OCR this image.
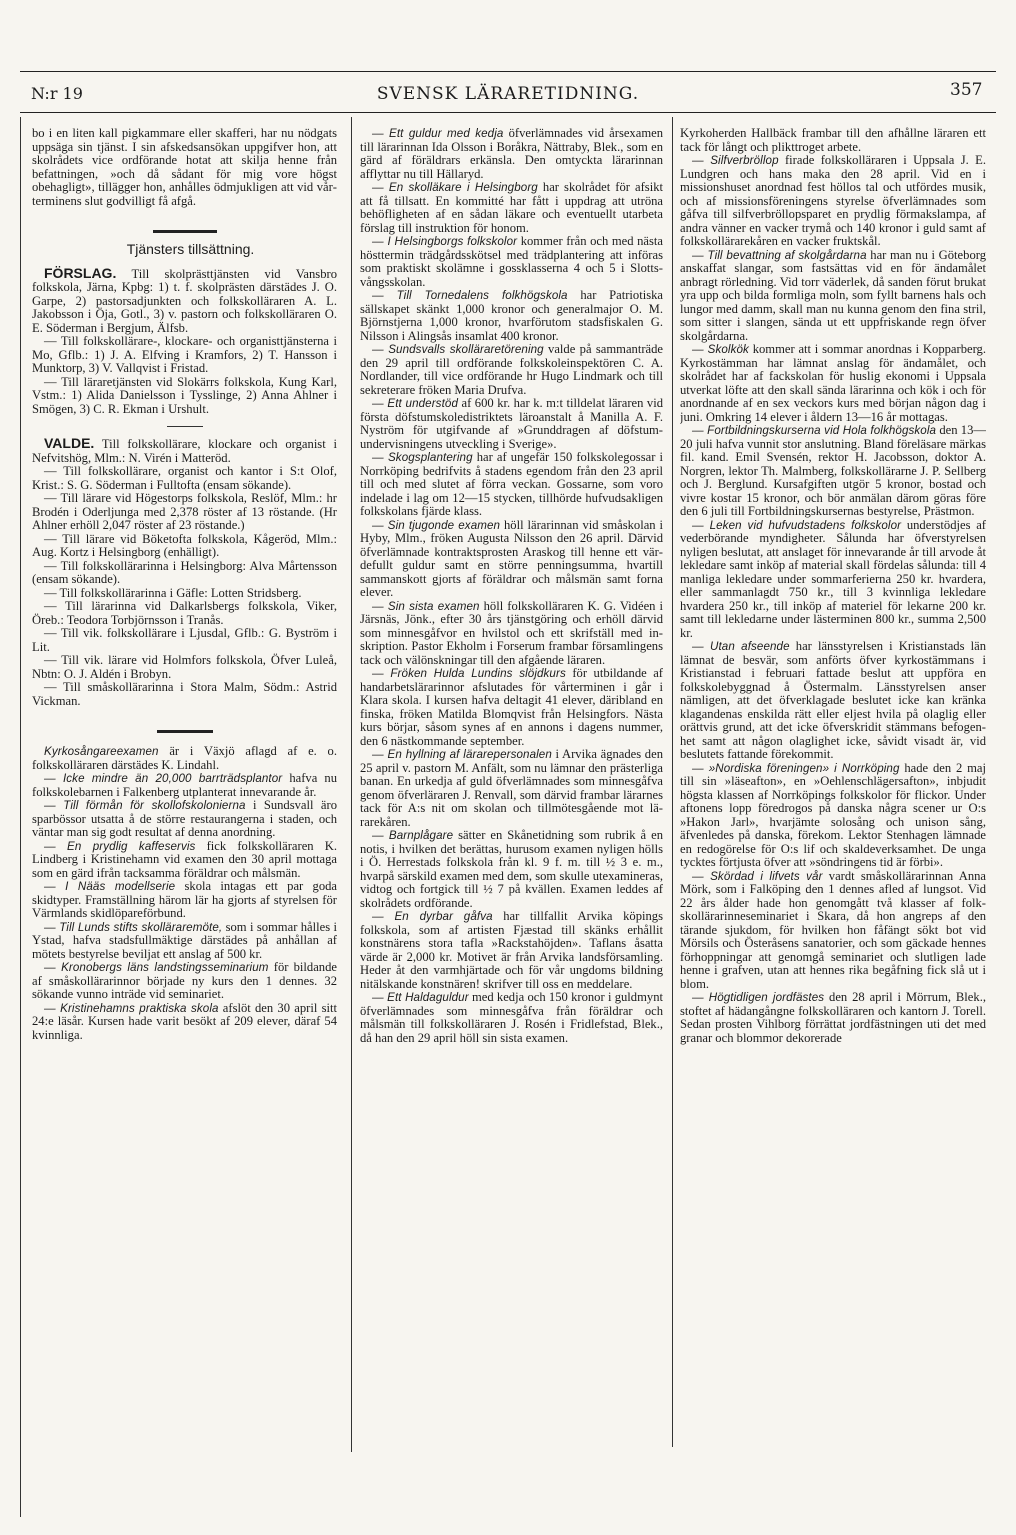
N:r 19	SVENSK LÄRARETIDNING.	357

bo i en liten kall pigkammare eller skafferi, har nu nödgats uppsäga sin tjänst. I sin afskedsansökan uppgifver hon, att skolrådets vice ordförande hotat att skilja henne från befattningen, »och då sådant för mig vore högst obehagligt», tillägger hon, anhålles ödmjukligen att vid vårterminens slut godvilligt få afgå.

Tjänsters tillsättning.

FÖRSLAG. Till skolprästtjänsten vid Vansbro folkskola, Järna, Kpbg: 1) t. f. skolprästen därstädes J. O. Garpe, 2) pastorsadjunkten och folkskolläraren A. L. Jakobsson i Öja, Gotl., 3) v. pastorn och folkskolläraren O. E. Söderman i Bergjum, Älfsb.

— Till folkskollärare-, klockare- och organisttjänsterna i Mo, Gflb.: 1) J. A. Elfving i Kramfors, 2) T. Hansson i Munktorp, 3) V. Vallqvist i Fristad.

— Till läraretjänsten vid Slokärrs folkskola, Kung Karl, Vstm.: 1) Alida Danielsson i Tysslinge, 2) Anna Ahlner i Smögen, 3) C. R. Ekman i Urshult.

VALDE. Till folkskollärare, klockare och organist i Nefvitshög, Mlm.: N. Virén i Matteröd.

— Till folkskollärare, organist och kantor i S:t Olof, Krist.: S. G. Söderman i Fulltofta (ensam sökande).

— Till lärare vid Högestorps folkskola, Reslöf, Mlm.: hr Brodén i Oderljunga med 2,378 röster af 13 röstande. (Hr Ahlner erhöll 2,047 röster af 23 röstande.)

— Till lärare vid Böketofta folkskola, Kågeröd, Mlm.: Aug. Kortz i Helsingborg (enhälligt).

— Till folkskollärarinna i Helsingborg: Alva Mårtensson (ensam sökande).

— Till folkskollärarinna i Gäfle: Lotten Stridsberg.

— Till lärarinna vid Dalkarlsbergs folkskola, Viker, Öreb.: Teodora Torbjörnsson i Tranås.

— Till vik. folkskollärare i Ljusdal, Gflb.: G. Byström i Lit.

— Till vik. lärare vid Holmfors folkskola, Öfver Luleå, Nbtn: O. J. Aldén i Brobyn.

— Till småskollärarinna i Stora Malm, Södm.: Astrid Vickman.

Kyrkosångareexamen är i Växjö aflagd af e. o. folkskolläraren därstädes K. Lindahl.

— Icke mindre än 20,000 barrträdsplantor hafva nu folkskolebarnen i Falkenberg utplanterat innevarande år.

— Till förmån för skollofskolonierna i Sundsvall äro sparbössor utsatta å de större restaurangerna i staden, och väntar man sig godt resultat af denna anordning.

— En prydlig kaffeservis fick folkskolläraren K. Lindberg i Kristinehamn vid examen den 30 april mottaga som en gärd ifrån tacksamma föräldrar och målsmän.

— I Nääs modellserie skola intagas ett par goda skidtyper. Framställning härom lär ha gjorts af styrelsen för Värmlands skidlöpareförbund.

— Till Lunds stifts skolläraremöte, som i sommar hålles i Ystad, hafva stadsfullmäktige därstädes på anhållan af mötets bestyrelse beviljat ett anslag af 500 kr.

— Kronobergs läns landstingsseminarium för bildande af småskollärarinnor började ny kurs den 1 dennes. 32 sökande vunno inträde vid seminariet.

— Kristinehamns praktiska skola afslöt den 30 april sitt 24:e läsår. Kursen hade varit besökt af 209 elever, däraf 54 kvinnliga.

— Ett guldur med kedja öfverlämnades vid årsexamen till lärarinnan Ida Olsson i Boråkra, Nättraby, Blek., som en gärd af föräldrars erkänsla. Den omtyckta lärarinnan afflyttar nu till Hällaryd.

— En skolläkare i Helsingborg har skolrådet för afsikt att få tillsatt. En kommitté har fått i uppdrag att utröna behöfligheten af en sådan läkare och eventuellt utarbeta förslag till instruktion för honom.

— I Helsingborgs folkskolor kommer från och med nästa hösttermin trädgårdsskötsel med trädplantering att införas som praktiskt skolämne i gossklasserna 4 och 5 i Slottsvångsskolan.

— Till Tornedalens folkhögskola har Patriotiska sällskapet skänkt 1,000 kronor och generalmajor O. M. Björnstjerna 1,000 kronor, hvarförutom stadsfiskalen G. Nilsson i Alingsås insamlat 400 kronor.

— Sundsvalls skolläraretörening valde på sammanträde den 29 april till ordförande folkskoleinspektören C. A. Nordlander, till vice ordförande hr Hugo Lindmark och till sekreterare fröken Maria Drufva.

— Ett understöd af 600 kr. har k. m:t tilldelat läraren vid första döfstumskoledistriktets läroanstalt å Manilla A. F. Nyström för utgifvande af »Grunddragen af döfstumundervisningens utveckling i Sverige».

— Skogsplantering har af ungefär 150 folkskolegossar i Norrköping bedrifvits å stadens egendom från den 23 april till och med slutet af förra veckan. Gossarne, som voro indelade i lag om 12—15 stycken, tillhörde hufvudsakligen folkskolans fjärde klass.

— Sin tjugonde examen höll lärarinnan vid småskolan i Hyby, Mlm., fröken Augusta Nilsson den 26 april. Därvid öfverlämnade kontraktsprosten Araskog till henne ett värdefullt guldur samt en större penningsumma, hvartill sammanskott gjorts af föräldrar och målsmän samt forna elever.

— Sin sista examen höll folkskolläraren K. G. Vidéen i Järsnäs, Jönk., efter 30 års tjänstgöring och erhöll därvid som minnesgåfvor en hvilstol och ett skrifställ med inskription. Pastor Ekholm i Forserum frambar församlingens tack och välönskningar till den afgående läraren.

— Fröken Hulda Lundins slöjdkurs för utbildande af handarbetslärarinnor afslutades för vårterminen i går i Klara skola. I kursen hafva deltagit 41 elever, däribland en finska, fröken Matilda Blomqvist från Helsingfors. Nästa kurs börjar, såsom synes af en annons i dagens nummer, den 6 nästkommande september.

— En hyllning af lärarepersonalen i Arvika ägnades den 25 april v. pastorn M. Anfält, som nu lämnar den prästerliga banan. En urkedja af guld öfverlämnades som minnesgåfva genom öfverläraren J. Renvall, som därvid frambar lärarnes tack för A:s nit om skolan och tillmötesgående mot lärarekåren.

— Barnplågare sätter en Skånetidning som rubrik å en notis, i hvilken det berättas, hurusom examen nyligen hölls i Ö. Herrestads folkskola från kl. 9 f. m. till ½ 3 e. m., hvarpå särskild examen med dem, som skulle utexamineras, vidtog och fortgick till ½ 7 på kvällen. Examen leddes af skolrådets ordförande.

— En dyrbar gåfva har tillfallit Arvika köpings folkskola, som af artisten Fjæstad till skänks erhållit konstnärens stora tafla »Rackstahöjden». Taflans åsatta värde är 2,000 kr. Motivet är från Arvika landsförsamling. Heder åt den varmhjärtade och för vår ungdoms bildning nitälskande konstnären! skrifver till oss en meddelare.

— Ett Haldaguldur med kedja och 150 kronor i guldmynt öfverlämnades som minnesgåfva från föräldrar och målsmän till folkskolläraren J. Rosén i Fridlefstad, Blek., då han den 29 april höll sin sista examen.

Kyrkoherden Hallbäck frambar till den afhållne läraren ett tack för långt och plikttroget arbete.

— Silfverbröllop firade folkskolläraren i Uppsala J. E. Lundgren och hans maka den 28 april. Vid en i missionshuset anordnad fest höllos tal och utfördes musik, och af missionsföreningens styrelse öfverlämnades som gåfva till silfverbröllopsparet en prydlig förmakslampa, af andra vänner en vacker trymå och 140 kronor i guld samt af folkskollärarekåren en vacker fruktskål.

— Till bevattning af skolgårdarna har man nu i Göteborg anskaffat slangar, som fastsättas vid en för ändamålet anbragt rörledning. Vid torr väderlek, då sanden förut brukat yra upp och bilda formliga moln, som fyllt barnens hals och lungor med damm, skall man nu kunna genom den fina stril, som sitter i slangen, sända ut ett uppfriskande regn öfver skolgårdarna.

— Skolkök kommer att i sommar anordnas i Kopparberg. Kyrkostämman har lämnat anslag för ändamålet, och skolrådet har af fackskolan för huslig ekonomi i Uppsala utverkat löfte att den skall sända lärarinna och kök i och för anordnande af en sex veckors kurs med början någon dag i juni. Omkring 14 elever i åldern 13—16 år mottagas.

— Fortbildningskurserna vid Hola folkhögskola den 13—20 juli hafva vunnit stor anslutning. Bland föreläsare märkas fil. kand. Emil Svensén, rektor H. Jacobsson, doktor A. Norgren, lektor Th. Malmberg, folkskollärarne J. P. Sellberg och J. Berglund. Kursafgiften utgör 5 kronor, bostad och vivre kostar 15 kronor, och bör anmälan därom göras före den 6 juli till Fortbildningskursernas bestyrelse, Prästmon.

— Leken vid hufvudstadens folkskolor understödjes af vederbörande myndigheter. Sålunda har öfverstyrelsen nyligen beslutat, att anslaget för innevarande år till arvode åt lekledare samt inköp af material skall fördelas sålunda: till 4 manliga lekledare under sommarferierna 250 kr. hvardera, eller sammanlagdt 750 kr., till 3 kvinnliga lekledare hvardera 250 kr., till inköp af materiel för lekarne 200 kr. samt till lekledarne under lästerminen 800 kr., summa 2,500 kr.

— Utan afseende har länsstyrelsen i Kristianstads län lämnat de besvär, som anförts öfver kyrkostämmans i Kristianstad i februari fattade beslut att uppföra en folkskolebyggnad å Östermalm. Länsstyrelsen anser nämligen, att det öfverklagade beslutet icke kan kränka klagandenas enskilda rätt eller eljest hvila på olaglig eller orättvis grund, att det icke öfverskridit stämmans befogenhet samt att någon olaglighet icke, såvidt visadt är, vid beslutets fattande förekommit.

— »Nordiska föreningen» i Norrköping hade den 2 maj till sin »läseafton», en »Oehlenschlägersafton», inbjudit högsta klassen af Norrköpings folkskolor för flickor. Under aftonens lopp föredrogos på danska några scener ur O:s »Hakon Jarl», hvarjämte solosång och unison sång, äfvenledes på danska, förekom. Lektor Stenhagen lämnade en redogörelse för O:s lif och skaldeverksamhet. De unga tycktes förtjusta öfver att »söndringens tid är förbi».

— Skördad i lifvets vår vardt småskollärarinnan Anna Mörk, som i Falköping den 1 dennes afled af lungsot. Vid 22 års ålder hade hon genomgått två klasser af folkskollärarinneseminariet i Skara, då hon angreps af den tärande sjukdom, för hvilken hon fåfängt sökt bot vid Mörsils och Österåsens sanatorier, och som gäckade hennes förhoppningar att genomgå seminariet och slutligen lade henne i grafven, utan att hennes rika begåfning fick slå ut i blom.

— Högtidligen jordfästes den 28 april i Mörrum, Blek., stoftet af hädangångne folkskolläraren och kantorn J. Torell. Sedan prosten Vihlborg förrättat jordfästningen uti det med granar och blommor dekorerade
